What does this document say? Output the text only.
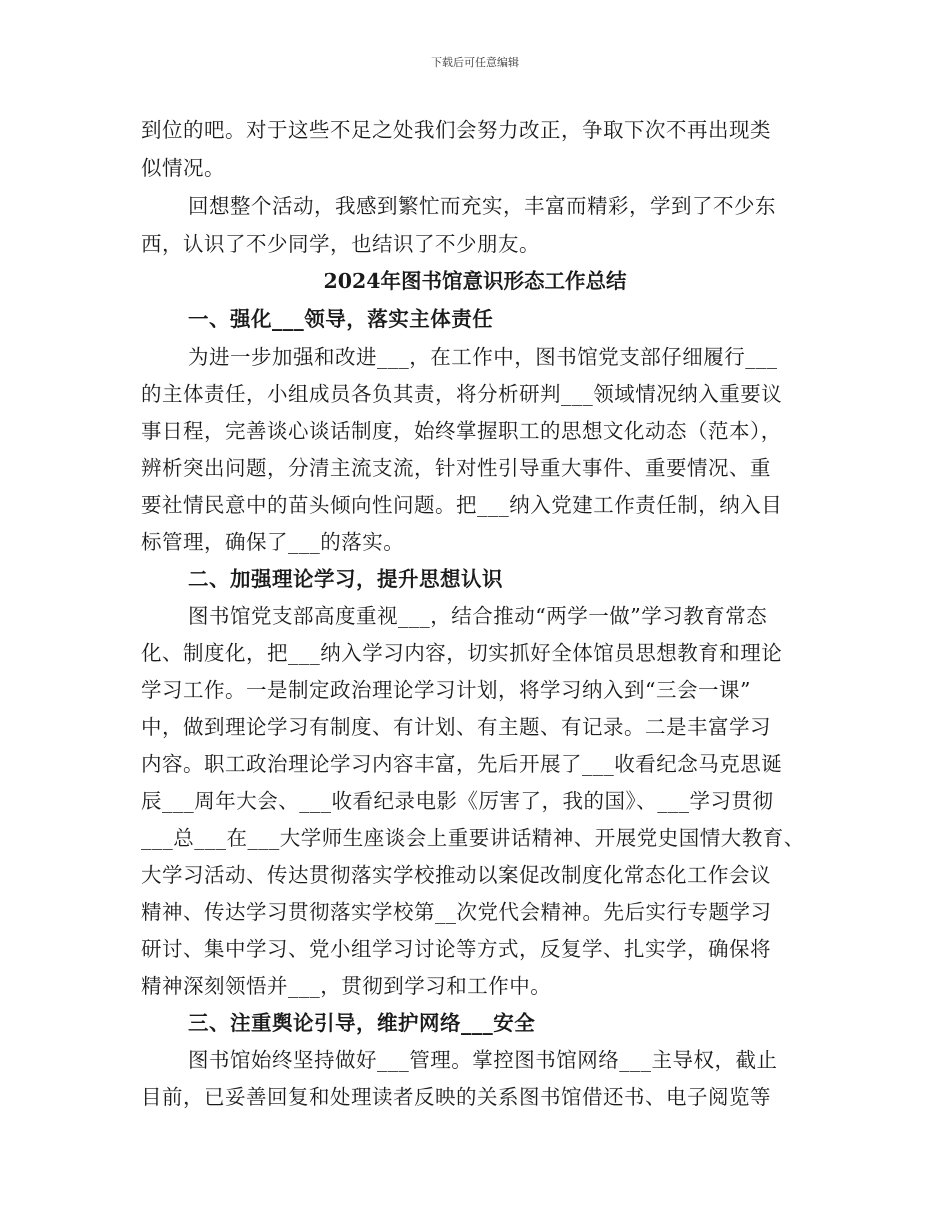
下载后可任意编辑
到位的吧。对于这些不足之处我们会努力改正，争取下次不再出现类
似情况。
回想整个活动，我感到繁忙而充实，丰富而精彩，学到了不少东
西，认识了不少同学，也结识了不少朋友。
2024年图书馆意识形态工作总结
一、强化___领导，落实主体责任
为进一步加强和改进___，在工作中，图书馆党支部仔细履行___
的主体责任，小组成员各负其责，将分析研判___领域情况纳入重要议
事日程，完善谈心谈话制度，始终掌握职工的思想文化动态（范本），
辨析突出问题，分清主流支流，针对性引导重大事件、重要情况、重
要社情民意中的苗头倾向性问题。把___纳入党建工作责任制，纳入目
标管理，确保了___的落实。
二、加强理论学习，提升思想认识
图书馆党支部高度重视___，结合推动“两学一做”学习教育常态
化、制度化，把___纳入学习内容，切实抓好全体馆员思想教育和理论
学习工作。一是制定政治理论学习计划，将学习纳入到“三会一课”
中，做到理论学习有制度、有计划、有主题、有记录。二是丰富学习
内容。职工政治理论学习内容丰富，先后开展了___收看纪念马克思诞
辰___周年大会、___收看纪录电影《厉害了，我的国》、___学习贯彻
___总___在___大学师生座谈会上重要讲话精神、开展党史国情大教育、
大学习活动、传达贯彻落实学校推动以案促改制度化常态化工作会议
精神、传达学习贯彻落实学校第__次党代会精神。先后实行专题学习
研讨、集中学习、党小组学习讨论等方式，反复学、扎实学，确保将
精神深刻领悟并___，贯彻到学习和工作中。
三、注重舆论引导，维护网络___安全
图书馆始终坚持做好___管理。掌控图书馆网络___主导权，截止
目前，已妥善回复和处理读者反映的关系图书馆借还书、电子阅览等
